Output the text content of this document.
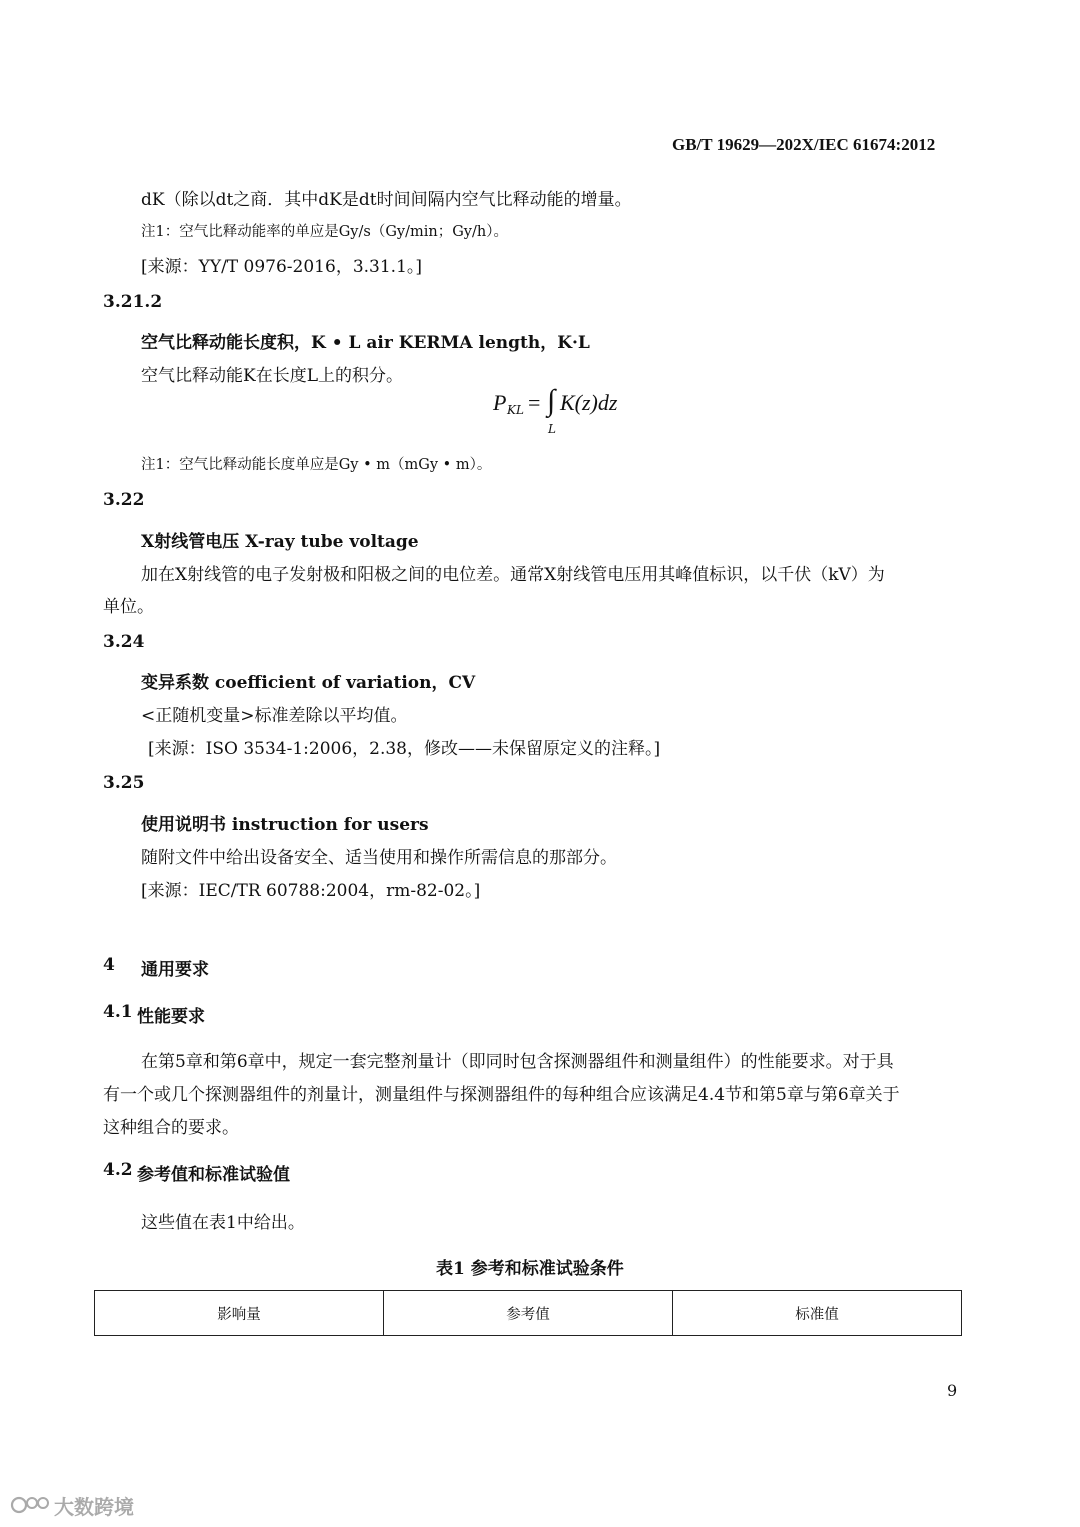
GB/T 19629—202X/IEC 61674:2012
dK（除以dt之商．其中dK是dt时间间隔内空气比释动能的增量。
注1：空气比释动能率的单应是Gy/s（Gy/min；Gy/h）。
[来源：YY/T 0976-2016，3.31.1。]
3.21.2
空气比释动能长度积，K • L air KERMA length，K·L
空气比释动能K在长度L上的积分。
P KL = ∫
L
K(z)dz
注1：空气比释动能长度单应是Gy • m（mGy • m）。
3.22
X射线管电压 X-ray tube voltage
加在X射线管的电子发射极和阳极之间的电位差。通常X射线管电压用其峰值标识，以千伏（kV）为
单位。
3.24
变异系数 coefficient of variation，CV
<正随机变量>标准差除以平均值。
[来源：ISO 3534-1:2006，2.38，修改——未保留原定义的注释。]
3.25
使用说明书 instruction for users
随附文件中给出设备安全、适当使用和操作所需信息的那部分。
[来源：IEC/TR 60788:2004，rm-82-02。]
4 通用要求
4.1 性能要求
在第5章和第6章中，规定一套完整剂量计（即同时包含探测器组件和测量组件）的性能要求。对于具
有一个或几个探测器组件的剂量计，测量组件与探测器组件的每种组合应该满足4.4节和第5章与第6章关于
这种组合的要求。
4.2 参考值和标准试验值
这些值在表1中给出。
表1 参考和标准试验条件
影响量	参考值	标准值
9
大数跨境
